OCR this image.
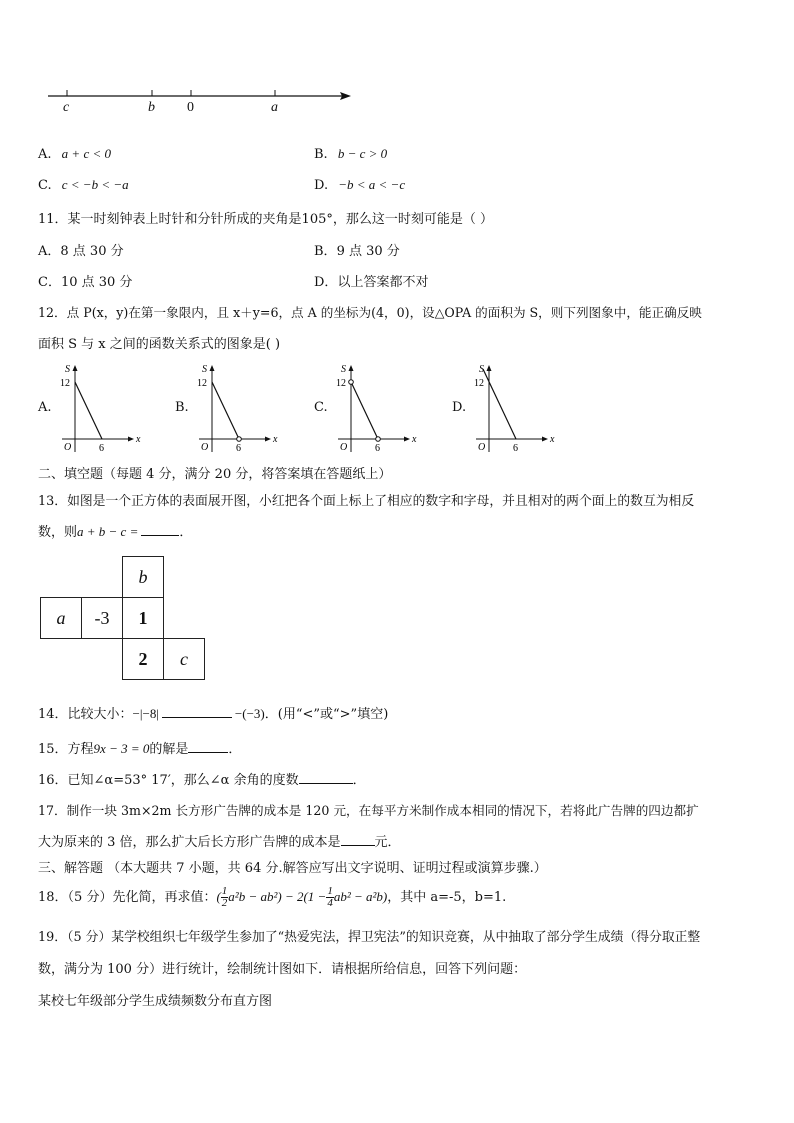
c	b 0	a
A. a + c < 0	B. b − c > 0
C. c < −b < −a	D. −b < a < −c
11．某一时刻钟表上时针和分针所成的夹角是105°，那么这一时刻可能是（ ）
A．8 点 30 分	B．9 点 30 分
C．10 点 30 分	D．以上答案都不对
12．点 P(x，y)在第一象限内，且 x＋y=6，点 A 的坐标为(4，0)，设△OPA 的面积为 S，则下列图象中，能正确反映
面积 S 与 x 之间的函数关系式的图象是( )
A.
S
12
O	6
x
B.
S
12
O	6
x
C.
S
12
O	6
x
D.
S
12
O	6
x
二、填空题（每题 4 分，满分 20 分，将答案填在答题纸上）
13．如图是一个正方体的表面展开图，小红把各个面上标上了相应的数字和字母，并且相对的两个面上的数互为相反
数，则a + b − c =	．
		b	
a	-3	1	
		2	c
14．比较大小：−|−8|	−(−3)．(用“<”或“>”填空)
15．方程9x − 3 = 0的解是	．
16．已知∠α=53° 17′，那么∠α 余角的度数	．
17．制作一块 3m×2m 长方形广告牌的成本是 120 元，在每平方米制作成本相同的情况下，若将此广告牌的四边都扩
大为原来的 3 倍，那么扩大后长方形广告牌的成本是	元．
三、解答题 （本大题共 7 小题，共 64 分.解答应写出文字说明、证明过程或演算步骤.）
18．（5 分）先化简，再求值：( $\frac{1}{2} a^2b - ab^2) - 2(1 - \frac{1}{4} ab^2 - a^2b)$，其中 a=-5，b=1.
19．（5 分）某学校组织七年级学生参加了“热爱宪法，捍卫宪法”的知识竞赛，从中抽取了部分学生成绩（得分取正整
数，满分为 100 分）进行统计，绘制统计图如下．请根据所给信息，回答下列问题：
某校七年级部分学生成绩频数分布直方图
